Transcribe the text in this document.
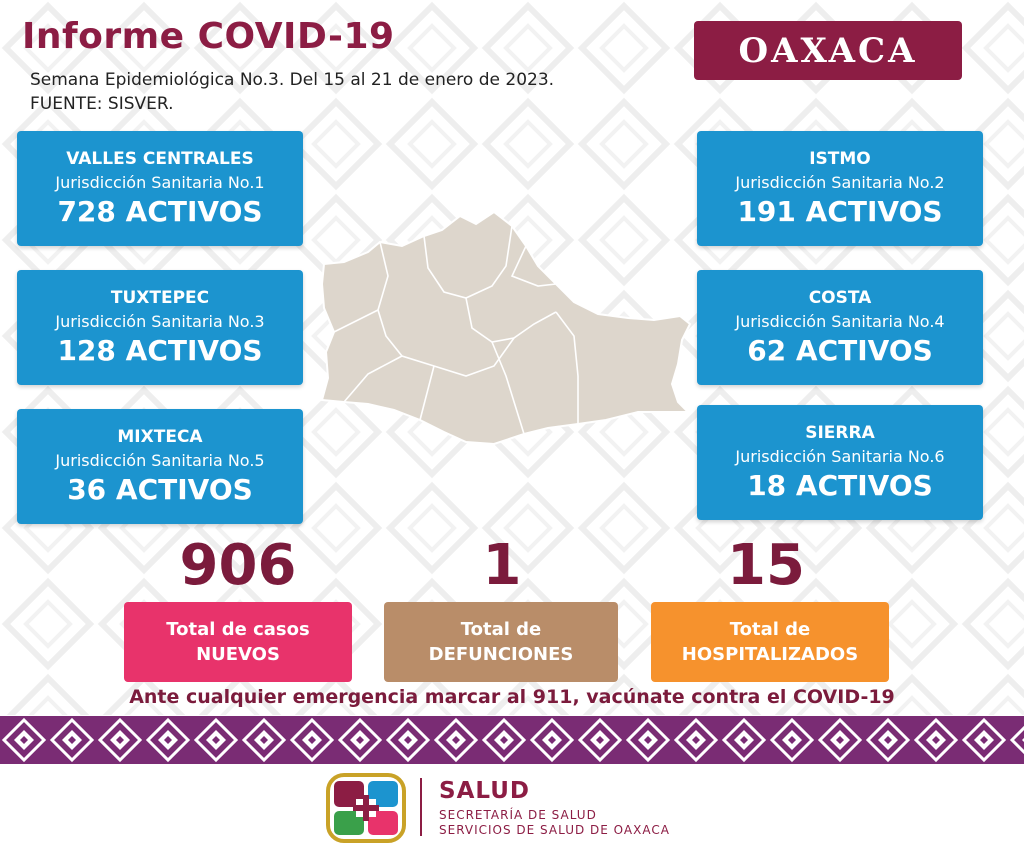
Informe COVID-19
Semana Epidemiológica No.3. Del 15 al 21 de enero de 2023.
FUENTE: SISVER.
OAXACA
VALLES CENTRALES
Jurisdicción Sanitaria No.1
728 ACTIVOS
TUXTEPEC
Jurisdicción Sanitaria No.3
128 ACTIVOS
MIXTECA
Jurisdicción Sanitaria No.5
36 ACTIVOS
ISTMO
Jurisdicción Sanitaria No.2
191 ACTIVOS
COSTA
Jurisdicción Sanitaria No.4
62 ACTIVOS
SIERRA
Jurisdicción Sanitaria No.6
18 ACTIVOS
906	1	15
Total de casos
NUEVOS
Total de
DEFUNCIONES
Total de
HOSPITALIZADOS
Ante cualquier emergencia marcar al 911, vacúnate contra el COVID-19
SALUD
SECRETARÍA DE SALUD
SERVICIOS DE SALUD DE OAXACA
